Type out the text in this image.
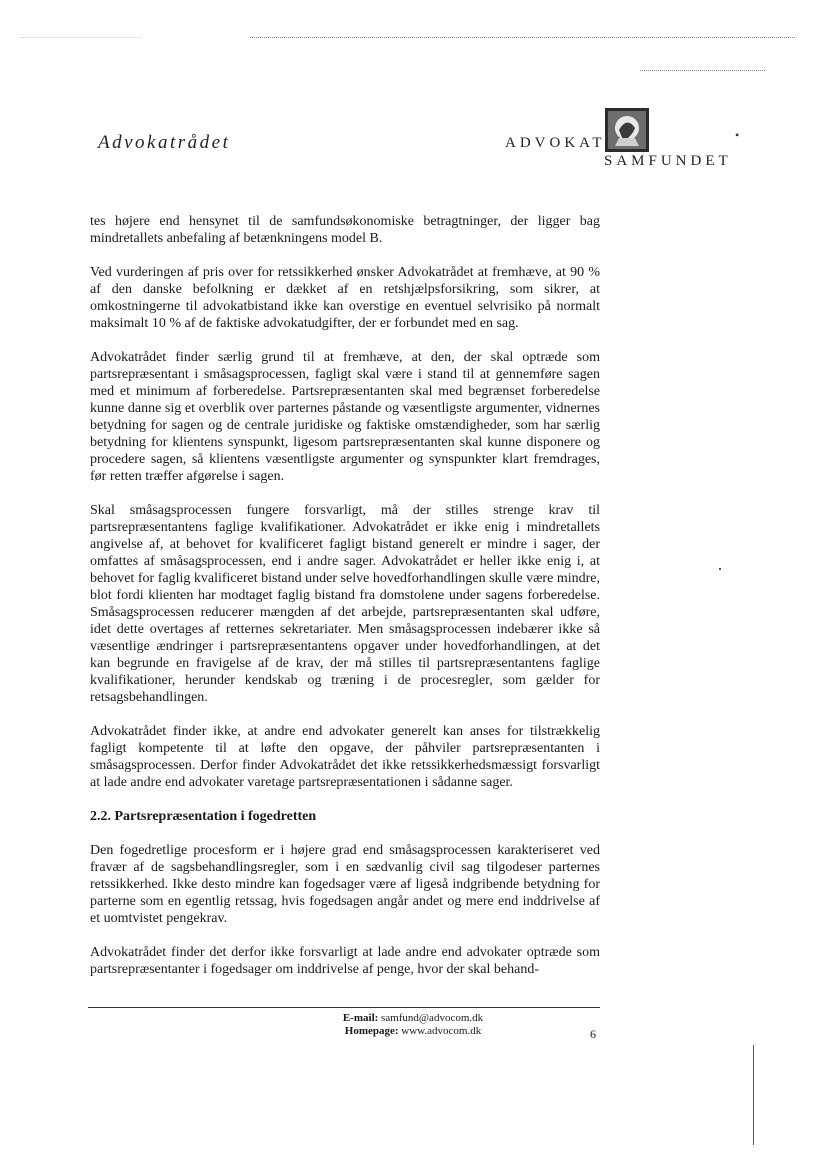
Advokatrådet	ADVOKAT
SAMFUNDET
•

tes højere end hensynet til de samfundsøkonomiske betragtninger, der ligger bag mindretallets anbefaling af betænkningens model B.

Ved vurderingen af pris over for retssikkerhed ønsker Advokatrådet at fremhæve, at 90 % af den danske befolkning er dækket af en retshjælpsforsikring, som sikrer, at omkostningerne til advokatbistand ikke kan overstige en eventuel selvrisiko på normalt maksimalt 10 % af de faktiske advokatudgifter, der er forbundet med en sag.

Advokatrådet finder særlig grund til at fremhæve, at den, der skal optræde som partsrepræsentant i småsagsprocessen, fagligt skal være i stand til at gennemføre sagen med et minimum af forberedelse. Partsrepræsentanten skal med begrænset forberedelse kunne danne sig et overblik over parternes påstande og væsentligste argumenter, vidnernes betydning for sagen og de centrale juridiske og faktiske omstændigheder, som har særlig betydning for klientens synspunkt, ligesom partsrepræsentanten skal kunne disponere og procedere sagen, så klientens væsentligste argumenter og synspunkter klart fremdrages, før retten træffer afgørelse i sagen.

Skal småsagsprocessen fungere forsvarligt, må der stilles strenge krav til partsrepræsentantens faglige kvalifikationer. Advokatrådet er ikke enig i mindretallets angivelse af, at behovet for kvalificeret fagligt bistand generelt er mindre i sager, der omfattes af småsagsprocessen, end i andre sager. Advokatrådet er heller ikke enig i, at behovet for faglig kvalificeret bistand under selve hovedforhandlingen skulle være mindre, blot fordi klienten har modtaget faglig bistand fra domstolene under sagens forberedelse. Småsagsprocessen reducerer mængden af det arbejde, partsrepræsentanten skal udføre, idet dette overtages af retternes sekretariater. Men småsagsprocessen indebærer ikke så væsentlige ændringer i partsrepræsentantens opgaver under hovedforhandlingen, at det kan begrunde en fravigelse af de krav, der må stilles til partsrepræsentantens faglige kvalifikationer, herunder kendskab og træning i de procesregler, som gælder for retsagsbehandlingen.

Advokatrådet finder ikke, at andre end advokater generelt kan anses for tilstrækkelig fagligt kompetente til at løfte den opgave, der påhviler partsrepræsentanten i småsagsprocessen. Derfor finder Advokatrådet det ikke retssikkerhedsmæssigt forsvarligt at lade andre end advokater varetage partsrepræsentationen i sådanne sager.

2.2. Partsrepræsentation i fogedretten

Den fogedretlige procesform er i højere grad end småsagsprocessen karakteriseret ved fravær af de sagsbehandlingsregler, som i en sædvanlig civil sag tilgodeser parternes retssikkerhed. Ikke desto mindre kan fogedsager være af ligeså indgribende betydning for parterne som en egentlig retssag, hvis fogedsagen angår andet og mere end inddrivelse af et uomtvistet pengekrav.

Advokatrådet finder det derfor ikke forsvarligt at lade andre end advokater optræde som partsrepræsentanter i fogedsager om inddrivelse af penge, hvor der skal behand-

E-mail: samfund@advocom.dk
Homepage: www.advocom.dk	6
